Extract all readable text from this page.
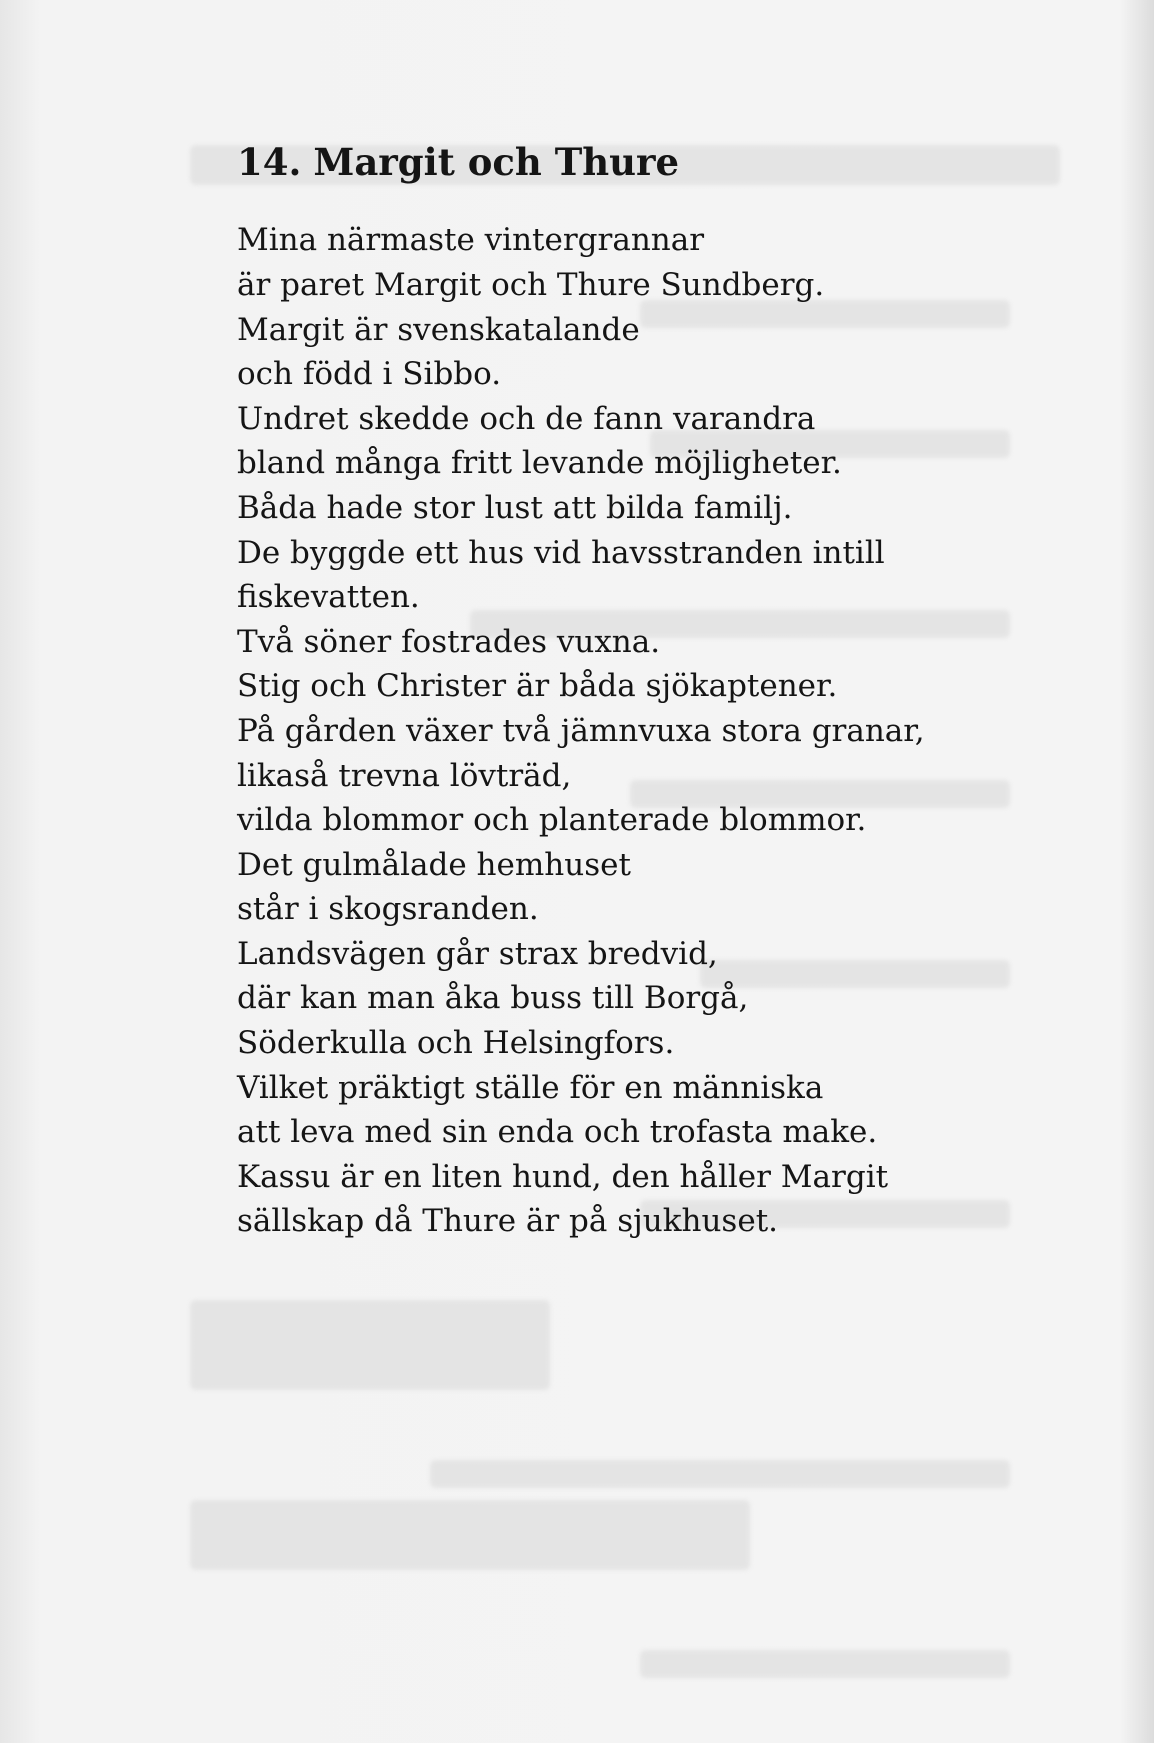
14. Margit och Thure
Mina närmaste vintergrannar
är paret Margit och Thure Sundberg.
Margit är svenskatalande
och född i Sibbo.
Undret skedde och de fann varandra
bland många fritt levande möjligheter.
Båda hade stor lust att bilda familj.
De byggde ett hus vid havsstranden intill
fiskevatten.
Två söner fostrades vuxna.
Stig och Christer är båda sjökaptener.
På gården växer två jämnvuxa stora granar,
likaså trevna lövträd,
vilda blommor och planterade blommor.
Det gulmålade hemhuset
står i skogsranden.
Landsvägen går strax bredvid,
där kan man åka buss till Borgå,
Söderkulla och Helsingfors.
Vilket präktigt ställe för en människa
att leva med sin enda och trofasta make.
Kassu är en liten hund, den håller Margit
sällskap då Thure är på sjukhuset.
